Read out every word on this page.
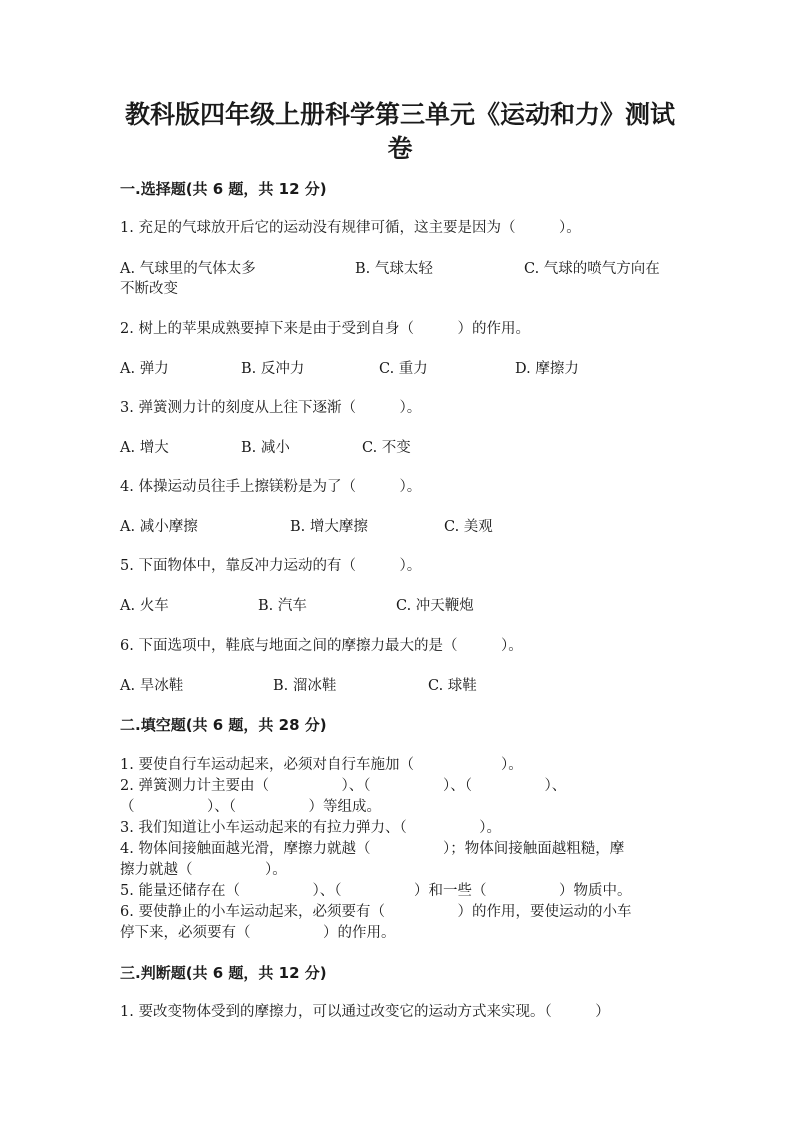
教科版四年级上册科学第三单元《运动和力》测试
卷
一.选择题(共 6 题，共 12 分)
1. 充足的气球放开后它的运动没有规律可循，这主要是因为（　　　）。
A. 气球里的气体太多	B. 气球太轻	C. 气球的喷气方向在
不断改变
2. 树上的苹果成熟要掉下来是由于受到自身（　　　）的作用。
A. 弹力	B. 反冲力	C. 重力	D. 摩擦力
3. 弹簧测力计的刻度从上往下逐渐（　　　）。
A. 增大	B. 减小	C. 不变
4. 体操运动员往手上擦镁粉是为了（　　　）。
A. 减小摩擦	B. 增大摩擦	C. 美观
5. 下面物体中，靠反冲力运动的有（　　　）。
A. 火车	B. 汽车	C. 冲天鞭炮
6. 下面选项中，鞋底与地面之间的摩擦力最大的是（　　　）。
A. 旱冰鞋	B. 溜冰鞋	C. 球鞋
二.填空题(共 6 题，共 28 分)
1. 要使自行车运动起来，必须对自行车施加（　　　　　　）。
2. 弹簧测力计主要由（　　　　　）、（　　　　　）、（　　　　　）、
（　　　　　）、（　　　　　）等组成。
3. 我们知道让小车运动起来的有拉力弹力、（　　　　　）。
4. 物体间接触面越光滑，摩擦力就越（　　　　　）；物体间接触面越粗糙，摩
擦力就越（　　　　　）。
5. 能量还储存在（　　　　　）、（　　　　　）和一些（　　　　　）物质中。
6. 要使静止的小车运动起来，必须要有（　　　　　）的作用，要使运动的小车
停下来，必须要有（　　　　　）的作用。
三.判断题(共 6 题，共 12 分)
1. 要改变物体受到的摩擦力，可以通过改变它的运动方式来实现。（　　　）
